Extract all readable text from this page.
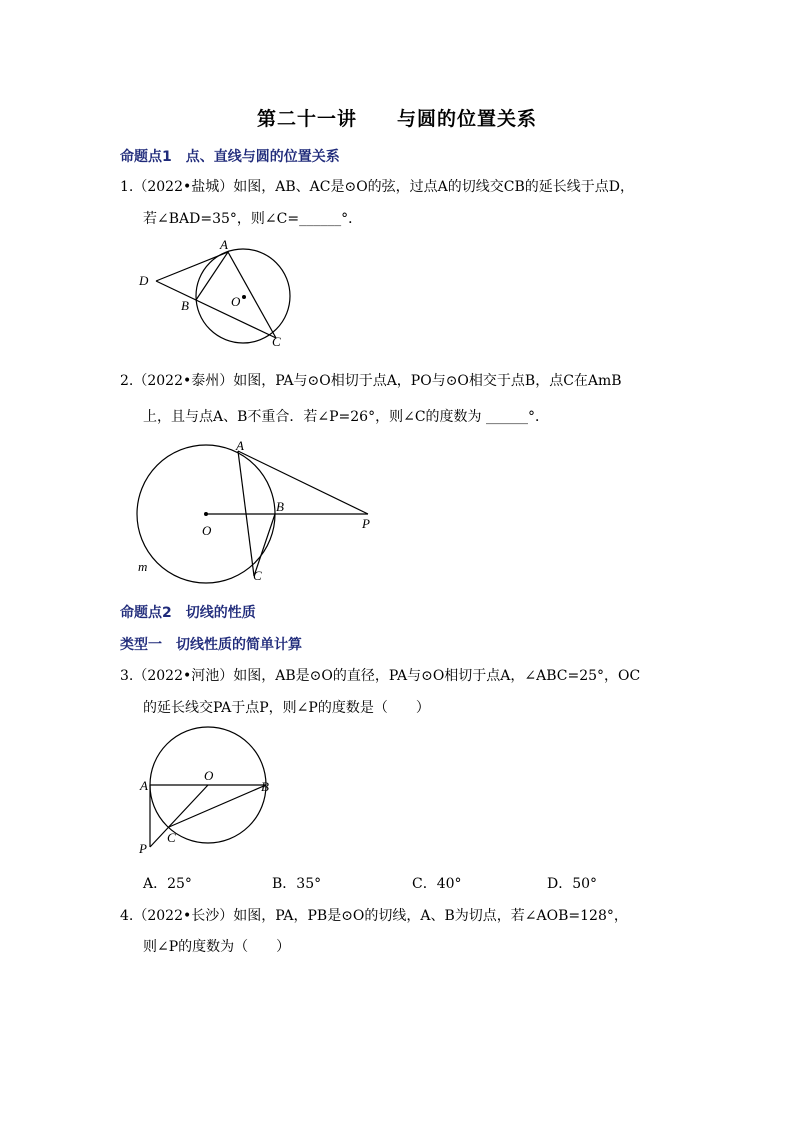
第二十一讲 与圆的位置关系
命题点1　点、直线与圆的位置关系
1.（2022•盐城）如图，AB、AC是⊙O的弦，过点A的切线交CB的延长线于点D，
若∠BAD=35°，则∠C=______°．
A
B
C
D
O
2.（2022•泰州）如图，PA与⊙O相切于点A，PO与⊙O相交于点B，点C在AmB
上，且与点A、B不重合．若∠P=26°，则∠C的度数为 ______°．
A
B
C
O	P
m
命题点2　切线的性质
类型一　切线性质的简单计算
3.（2022•河池）如图，AB是⊙O的直径，PA与⊙O相切于点A，∠ABC=25°，OC
的延长线交PA于点P，则∠P的度数是（　　）
A	B
C
O
P
A．25°	B．35°	C．40°	D．50°
4.（2022•长沙）如图，PA，PB是⊙O的切线，A、B为切点，若∠AOB=128°，
则∠P的度数为（　　）
